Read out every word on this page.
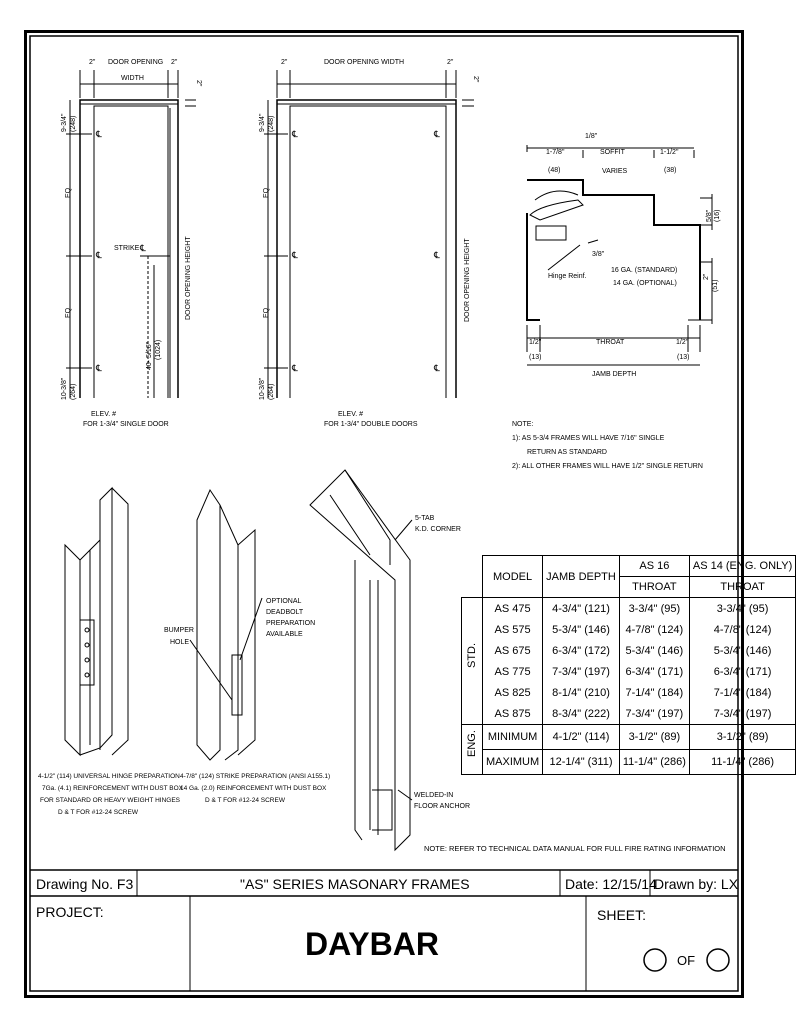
2" DOOR OPENING
WIDTH
2"
2"
9-3/4" (248)
EQ
EQ
10-3/8" (264)
℄
℄
℄
STRIKE ℄
40- 5/16" (1024)
DOOR OPENING HEIGHT
ELEV. #
FOR 1-3/4" SINGLE DOOR
2"	DOOR OPENING WIDTH	2"
2"
9-3/4" (248)
EQ
EQ
10-3/8" (264)
℄
℄
℄
℄
℄
℄
DOOR OPENING HEIGHT
ELEV. #
FOR 1-3/4" DOUBLE DOORS
1/8"
1-7/8"
(48)
SOFFIT
VARIES
1-1/2"
(38)
5/8" (16)
3/8"
Hinge Reinf.
16 GA. (STANDARD)
14 GA. (OPTIONAL)
2"
(51)
1/2"
(13)
THROAT	1/2"
(13)
JAMB DEPTH
NOTE:
1): AS 5-3/4 FRAMES WILL HAVE 7/16" SINGLE
RETURN AS STANDARD
2): ALL OTHER FRAMES WILL HAVE 1/2" SINGLE RETURN
4-1/2" (114) UNIVERSAL HINGE PREPARATION
7Ga. (4.1) REINFORCEMENT WITH DUST BOX
FOR STANDARD OR HEAVY WEIGHT HINGES
D & T FOR #12-24 SCREW
4-7/8" (124) STRIKE PREPARATION (ANSI A155.1)
14 Ga. (2.0) REINFORCEMENT WITH DUST BOX
D & T FOR #12-24 SCREW
BUMPER
HOLE
OPTIONAL
DEADBOLT
PREPARATION
AVAILABLE
5-TAB
K.D. CORNER
WELDED-IN
FLOOR ANCHOR
NOTE: REFER TO TECHNICAL DATA MANUAL FOR FULL FIRE RATING INFORMATION
Drawing No. F3	"AS" SERIES MASONARY FRAMES	Date: 12/15/14
Drawn by: LX
PROJECT:
DAYBAR
SHEET:
OF
	MODEL	JAMB DEPTH	AS 16	AS 14 (ENG. ONLY)
			THROAT	THROAT

STD.	AS 475	4-3/4" (121)	3-3/4" (95)	3-3/4" (95)
	AS 575	5-3/4" (146)	4-7/8" (124)	4-7/8" (124)
	AS 675	6-3/4" (172)	5-3/4" (146)	5-3/4" (146)
	AS 775	7-3/4" (197)	6-3/4" (171)	6-3/4" (171)
	AS 825	8-1/4" (210)	7-1/4" (184)	7-1/4" (184)
	AS 875	8-3/4" (222)	7-3/4" (197)	7-3/4" (197)

ENG.	MINIMUM	4-1/2" (114)	3-1/2" (89)	3-1/2" (89)
	MAXIMUM	12-1/4" (311)	11-1/4" (286)	11-1/4" (286)
